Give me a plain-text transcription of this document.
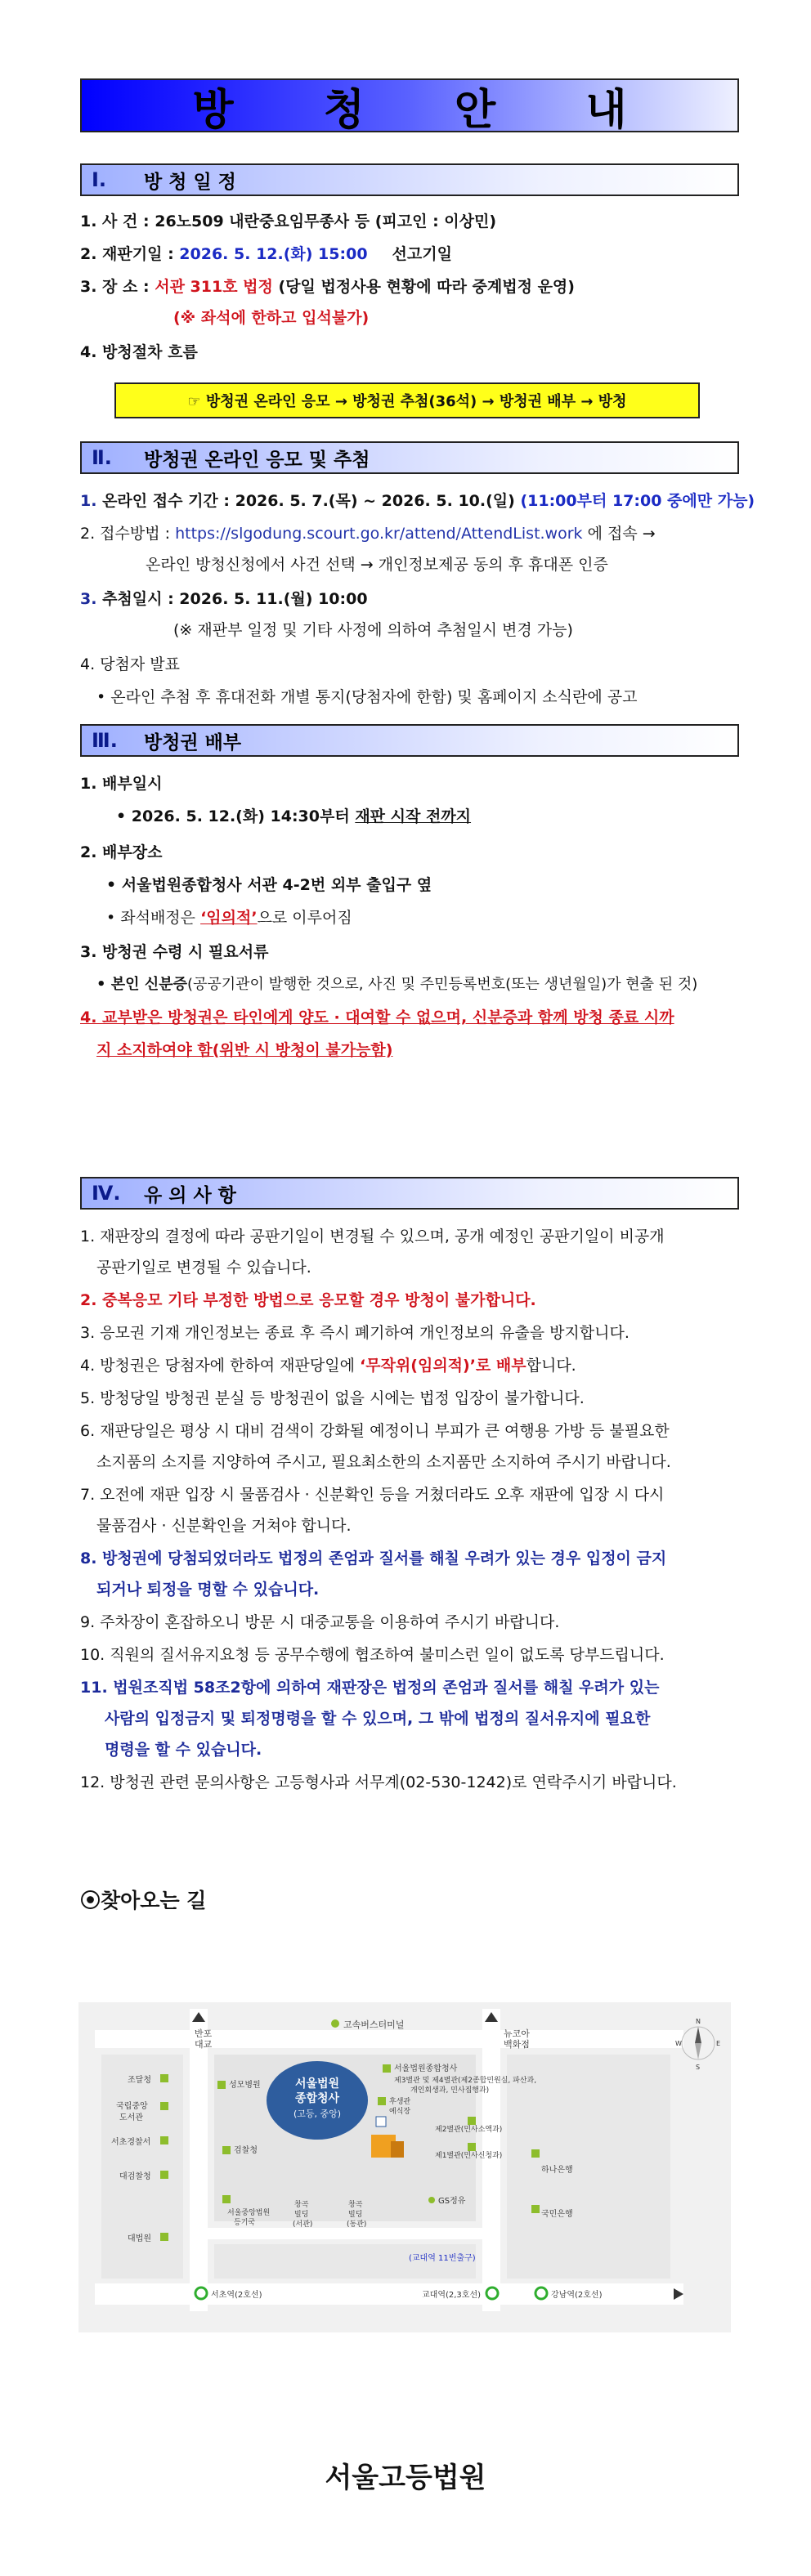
방 청 안 내
Ⅰ.	방 청 일 정
1. 사 건 : 26노509 내란중요임무종사 등 (피고인 : 이상민)
2. 재판기일 : 2026. 5. 12.(화) 15:00 선고기일
3. 장 소 : 서관 311호 법정 (당일 법정사용 현황에 따라 중계법정 운영)
(※ 좌석에 한하고 입석불가)
4. 방청절차 흐름
☞ 방청권 온라인 응모 → 방청권 추첨(36석) → 방청권 배부 → 방청
Ⅱ.	방청권 온라인 응모 및 추첨
1. 온라인 접수 기간 : 2026. 5. 7.(목) ~ 2026. 5. 10.(일) (11:00부터 17:00 중에만 가능)
2. 접수방법 : https://slgodung.scourt.go.kr/attend/AttendList.work 에 접속 →
온라인 방청신청에서 사건 선택 → 개인정보제공 동의 후 휴대폰 인증
3. 추첨일시 : 2026. 5. 11.(월) 10:00
(※ 재판부 일정 및 기타 사정에 의하여 추첨일시 변경 가능)
4. 당첨자 발표
• 온라인 추첨 후 휴대전화 개별 통지(당첨자에 한함) 및 홈페이지 소식란에 공고
Ⅲ.	방청권 배부
1. 배부일시
• 2026. 5. 12.(화) 14:30부터 재판 시작 전까지
2. 배부장소
• 서울법원종합청사 서관 4-2번 외부 출입구 옆
• 좌석배정은 ‘임의적’으로 이루어짐
3. 방청권 수령 시 필요서류
• 본인 신분증(공공기관이 발행한 것으로, 사진 및 주민등록번호(또는 생년월일)가 현출 된 것)
4. 교부받은 방청권은 타인에게 양도 · 대여할 수 없으며, 신분증과 함께 방청 종료 시까
지 소지하여야 함(위반 시 방청이 불가능함)
Ⅳ.	유 의 사 항
1. 재판장의 결정에 따라 공판기일이 변경될 수 있으며, 공개 예정인 공판기일이 비공개
공판기일로 변경될 수 있습니다.
2. 중복응모 기타 부정한 방법으로 응모할 경우 방청이 불가합니다.
3. 응모권 기재 개인정보는 종료 후 즉시 폐기하여 개인정보의 유출을 방지합니다.
4. 방청권은 당첨자에 한하여 재판당일에 ‘무작위(임의적)’로 배부합니다.
5. 방청당일 방청권 분실 등 방청권이 없을 시에는 법정 입장이 불가합니다.
6. 재판당일은 평상 시 대비 검색이 강화될 예정이니 부피가 큰 여행용 가방 등 불필요한
소지품의 소지를 지양하여 주시고, 필요최소한의 소지품만 소지하여 주시기 바랍니다.
7. 오전에 재판 입장 시 물품검사 · 신분확인 등을 거쳤더라도 오후 재판에 입장 시 다시
물품검사 · 신분확인을 거쳐야 합니다.
8. 방청권에 당첨되었더라도 법정의 존엄과 질서를 해칠 우려가 있는 경우 입정이 금지
되거나 퇴정을 명할 수 있습니다.
9. 주차장이 혼잡하오니 방문 시 대중교통을 이용하여 주시기 바랍니다.
10. 직원의 질서유지요청 등 공무수행에 협조하여 불미스런 일이 없도록 당부드립니다.
11. 법원조직법 58조2항에 의하여 재판장은 법정의 존엄과 질서를 해칠 우려가 있는
사람의 입정금지 및 퇴정명령을 할 수 있으며, 그 밖에 법정의 질서유지에 필요한
명령을 할 수 있습니다.
12. 방청권 관련 문의사항은 고등형사과 서무계(02-530-1242)로 연락주시기 바랍니다.
⦿찾아오는 길
고속버스터미널
반포
대교
뉴코아
백화점
서울법원
종합청사
(고등, 중앙)
서울법원종합청사
제3별관 및 제4별관(제2종합민원실, 파산과,
개인회생과, 민사집행과)
후생관
예식장
제2별관(민사소액과)
제1별관(민사신청과)
하나은행
GS정유
국민은행
조달청
국립중앙
도서관
서초경찰서
대검찰청
대법원
성모병원
검찰청
서울중앙법원
등기국
창곡
빌딩
(서관)
창곡
빌딩
(동관)
(교대역 11번출구)
서초역(2호선)	교대역(2,3호선)	강남역(2호선)
N
S
W	E
서울고등법원
